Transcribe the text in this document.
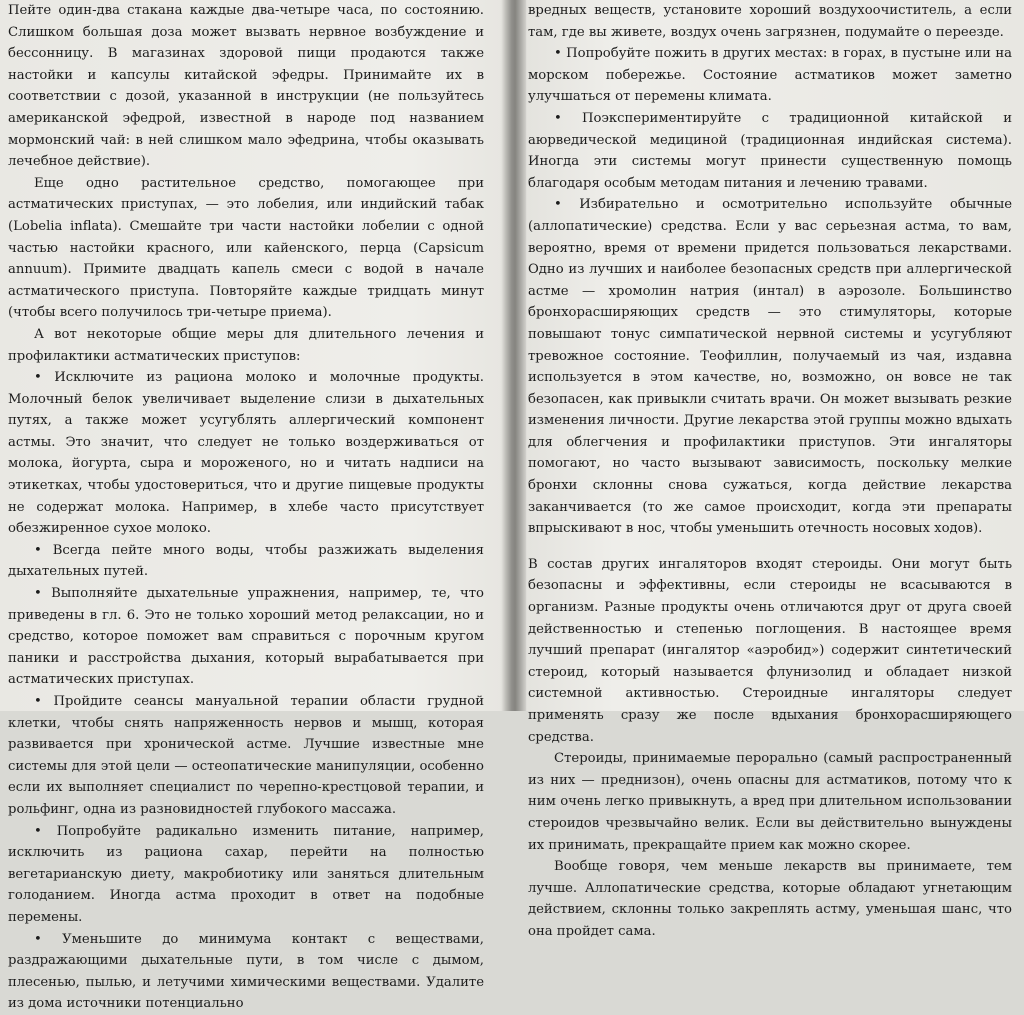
Пейте один-два стакана каждые два-четыре часа, по состоянию. Слишком большая доза может вызвать нервное возбуждение и бессонницу. В магазинах здоровой пищи продаются также настойки и капсулы китайской эфедры. Принимайте их в соответствии с дозой, указанной в инструкции (не пользуйтесь американской эфедрой, известной в народе под названием мормонский чай: в ней слишком мало эфедрина, чтобы оказывать лечебное действие).

Еще одно растительное средство, помогающее при астматических приступах, — это лобелия, или индийский табак (Lobelia inflata). Смешайте три части настойки лобелии с одной частью настойки красного, или кайенского, перца (Capsicum annuum). Примите двадцать капель смеси с водой в начале астматического приступа. Повторяйте каждые тридцать минут (чтобы всего получилось три-четыре приема).

А вот некоторые общие меры для длительного лечения и профилактики астматических приступов:

• Исключите из рациона молоко и молочные продукты. Молочный белок увеличивает выделение слизи в дыхательных путях, а также может усугублять аллергический компонент астмы. Это значит, что следует не только воздерживаться от молока, йогурта, сыра и мороженого, но и читать надписи на этикетках, чтобы удостовериться, что и другие пищевые продукты не содержат молока. Например, в хлебе часто присутствует обезжиренное сухое молоко.

• Всегда пейте много воды, чтобы разжижать выделения дыхательных путей.

• Выполняйте дыхательные упражнения, например, те, что приведены в гл. 6. Это не только хороший метод релаксации, но и средство, которое поможет вам справиться с порочным кругом паники и расстройства дыхания, который вырабатывается при астматических приступах.

• Пройдите сеансы мануальной терапии области грудной клетки, чтобы снять напряженность нервов и мышц, которая развивается при хронической астме. Лучшие известные мне системы для этой цели — остеопатические манипуляции, особенно если их выполняет специалист по черепно-крестцовой терапии, и рольфинг, одна из разновидностей глубокого массажа.

• Попробуйте радикально изменить питание, например, исключить из рациона сахар, перейти на полностью вегетарианскую диету, макробиотику или заняться длительным голоданием. Иногда астма проходит в ответ на подобные перемены.

• Уменьшите до минимума контакт с веществами, раздражающими дыхательные пути, в том числе с дымом, плесенью, пылью, и летучими химическими веществами. Удалите из дома источники потенциально

вредных веществ, установите хороший воздухоочиститель, а если там, где вы живете, воздух очень загрязнен, подумайте о переезде.

• Попробуйте пожить в других местах: в горах, в пустыне или на морском побережье. Состояние астматиков может заметно улучшаться от перемены климата.

• Поэкспериментируйте с традиционной китайской и аюрведической медициной (традиционная индийская система). Иногда эти системы могут принести существенную помощь благодаря особым методам питания и лечению травами.

• Избирательно и осмотрительно используйте обычные (аллопатические) средства. Если у вас серьезная астма, то вам, вероятно, время от времени придется пользоваться лекарствами. Одно из лучших и наиболее безопасных средств при аллергической астме — хромолин натрия (интал) в аэрозоле. Большинство бронхорасширяющих средств — это стимуляторы, которые повышают тонус симпатической нервной системы и усугубляют тревожное состояние. Теофиллин, получаемый из чая, издавна используется в этом качестве, но, возможно, он вовсе не так безопасен, как привыкли считать врачи. Он может вызывать резкие изменения личности. Другие лекарства этой группы можно вдыхать для облегчения и профилактики приступов. Эти ингаляторы помогают, но часто вызывают зависимость, поскольку мелкие бронхи склонны снова сужаться, когда действие лекарства заканчивается (то же самое происходит, когда эти препараты впрыскивают в нос, чтобы уменьшить отечность носовых ходов).

В состав других ингаляторов входят стероиды. Они могут быть безопасны и эффективны, если стероиды не всасываются в организм. Разные продукты очень отличаются друг от друга своей действенностью и степенью поглощения. В настоящее время лучший препарат (ингалятор «аэробид») содержит синтетический стероид, который называется флунизолид и обладает низкой системной активностью. Стероидные ингаляторы следует применять сразу же после вдыхания бронхорасширяющего средства.

Стероиды, принимаемые перорально (самый распространенный из них — преднизон), очень опасны для астматиков, потому что к ним очень легко привыкнуть, а вред при длительном использовании стероидов чрезвычайно велик. Если вы действительно вынуждены их принимать, прекращайте прием как можно скорее.

Вообще говоря, чем меньше лекарств вы принимаете, тем лучше. Аллопатические средства, которые обладают угнетающим действием, склонны только закреплять астму, уменьшая шанс, что она пройдет сама.
